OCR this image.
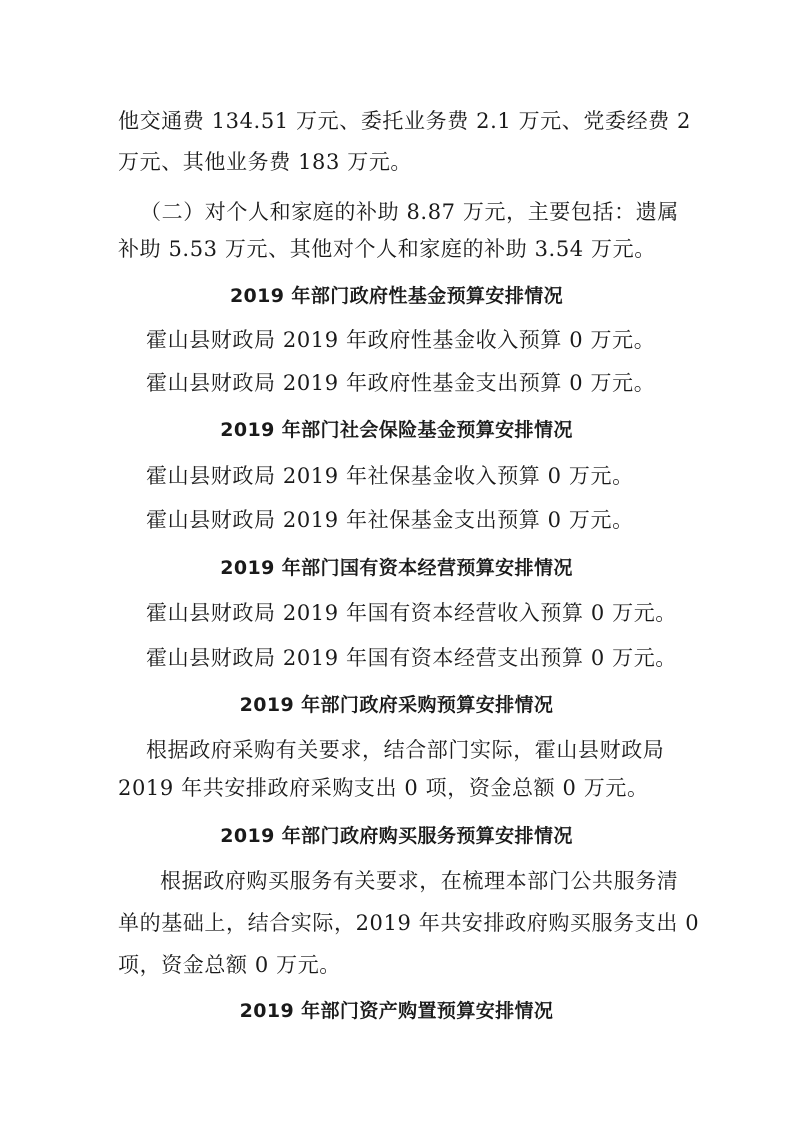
他交通费 134.51 万元、委托业务费 2.1 万元、党委经费 2

万元、其他业务费 183 万元。

（二）对个人和家庭的补助 8.87 万元，主要包括：遗属

补助 5.53 万元、其他对个人和家庭的补助 3.54 万元。

2019 年部门政府性基金预算安排情况

霍山县财政局 2019 年政府性基金收入预算 0 万元。

霍山县财政局 2019 年政府性基金支出预算 0 万元。

2019 年部门社会保险基金预算安排情况

霍山县财政局 2019 年社保基金收入预算 0 万元。

霍山县财政局 2019 年社保基金支出预算 0 万元。

2019 年部门国有资本经营预算安排情况

霍山县财政局 2019 年国有资本经营收入预算 0 万元。

霍山县财政局 2019 年国有资本经营支出预算 0 万元。

2019 年部门政府采购预算安排情况

根据政府采购有关要求，结合部门实际，霍山县财政局

2019 年共安排政府采购支出 0 项，资金总额 0 万元。

2019 年部门政府购买服务预算安排情况

根据政府购买服务有关要求，在梳理本部门公共服务清

单的基础上，结合实际，2019 年共安排政府购买服务支出 0

项，资金总额 0 万元。

2019 年部门资产购置预算安排情况
